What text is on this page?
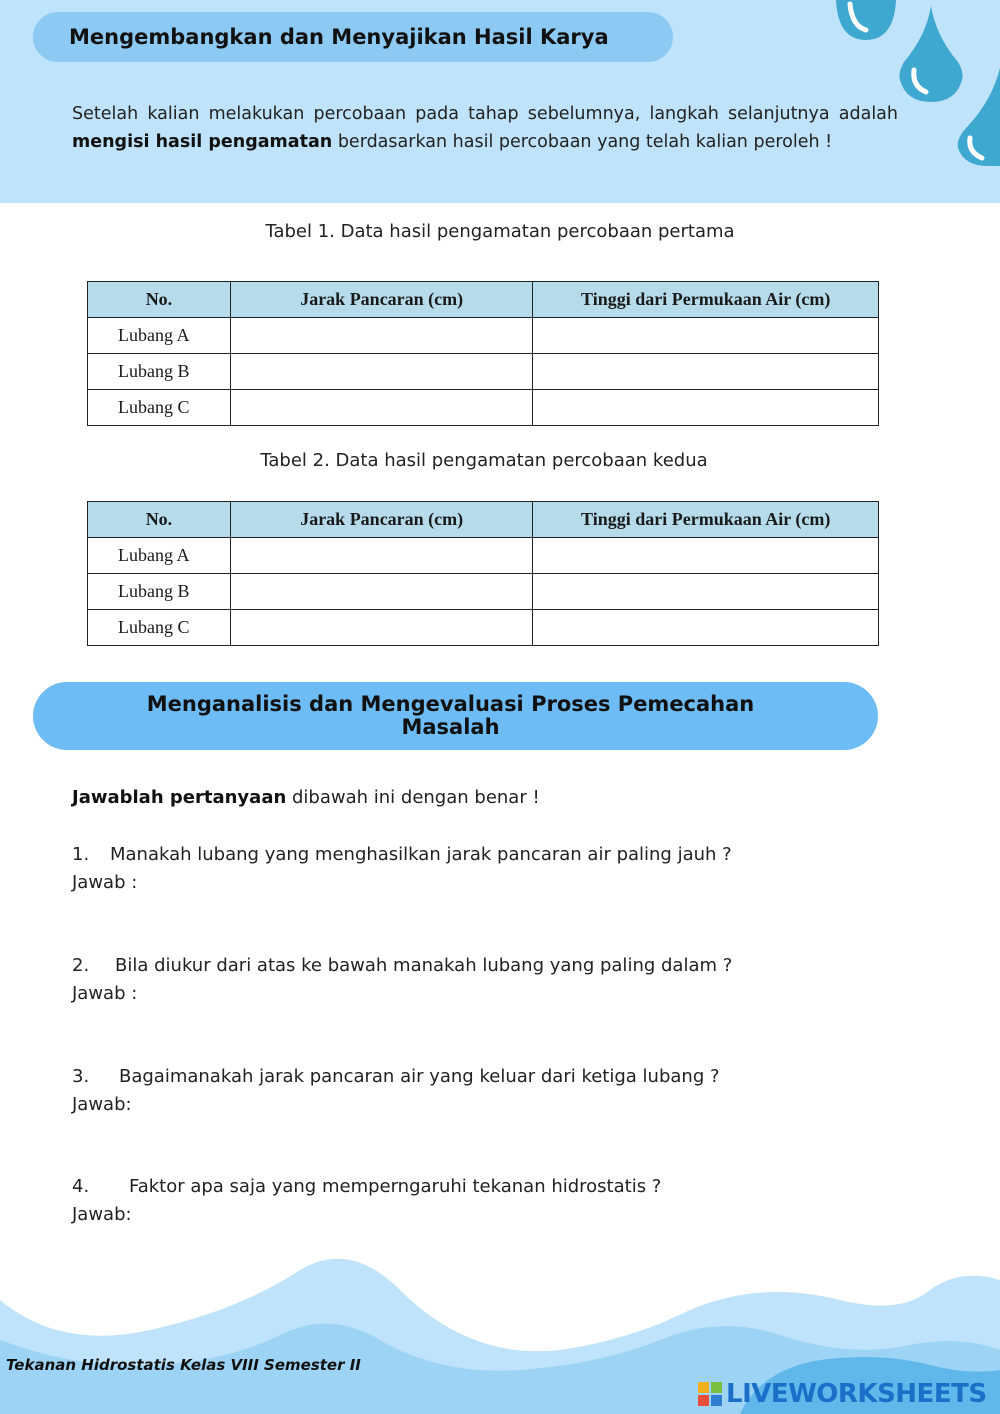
Mengembangkan dan Menyajikan Hasil Karya

Setelah kalian melakukan percobaan pada tahap sebelumnya, langkah selanjutnya adalah mengisi hasil pengamatan berdasarkan hasil percobaan yang telah kalian peroleh !

Tabel 1. Data hasil pengamatan percobaan pertama
No.	Jarak Pancaran (cm)	Tinggi dari Permukaan Air (cm)
Lubang A		
Lubang B		
Lubang C		
Tabel 2. Data hasil pengamatan percobaan kedua
No.	Jarak Pancaran (cm)	Tinggi dari Permukaan Air (cm)
Lubang A		
Lubang B		
Lubang C		
Menganalisis dan Mengevaluasi Proses Pemecahan
Masalah

Jawablah pertanyaan dibawah ini dengan benar !

1. Manakah lubang yang menghasilkan jarak pancaran air paling jauh ?
Jawab :
2. Bila diukur dari atas ke bawah manakah lubang yang paling dalam ?
Jawab :
3. Bagaimanakah jarak pancaran air yang keluar dari ketiga lubang ?
Jawab:
4. Faktor apa saja yang memperngaruhi tekanan hidrostatis ?
Jawab:
Tekanan Hidrostatis Kelas VIII Semester II
LIVEWORKSHEETS
